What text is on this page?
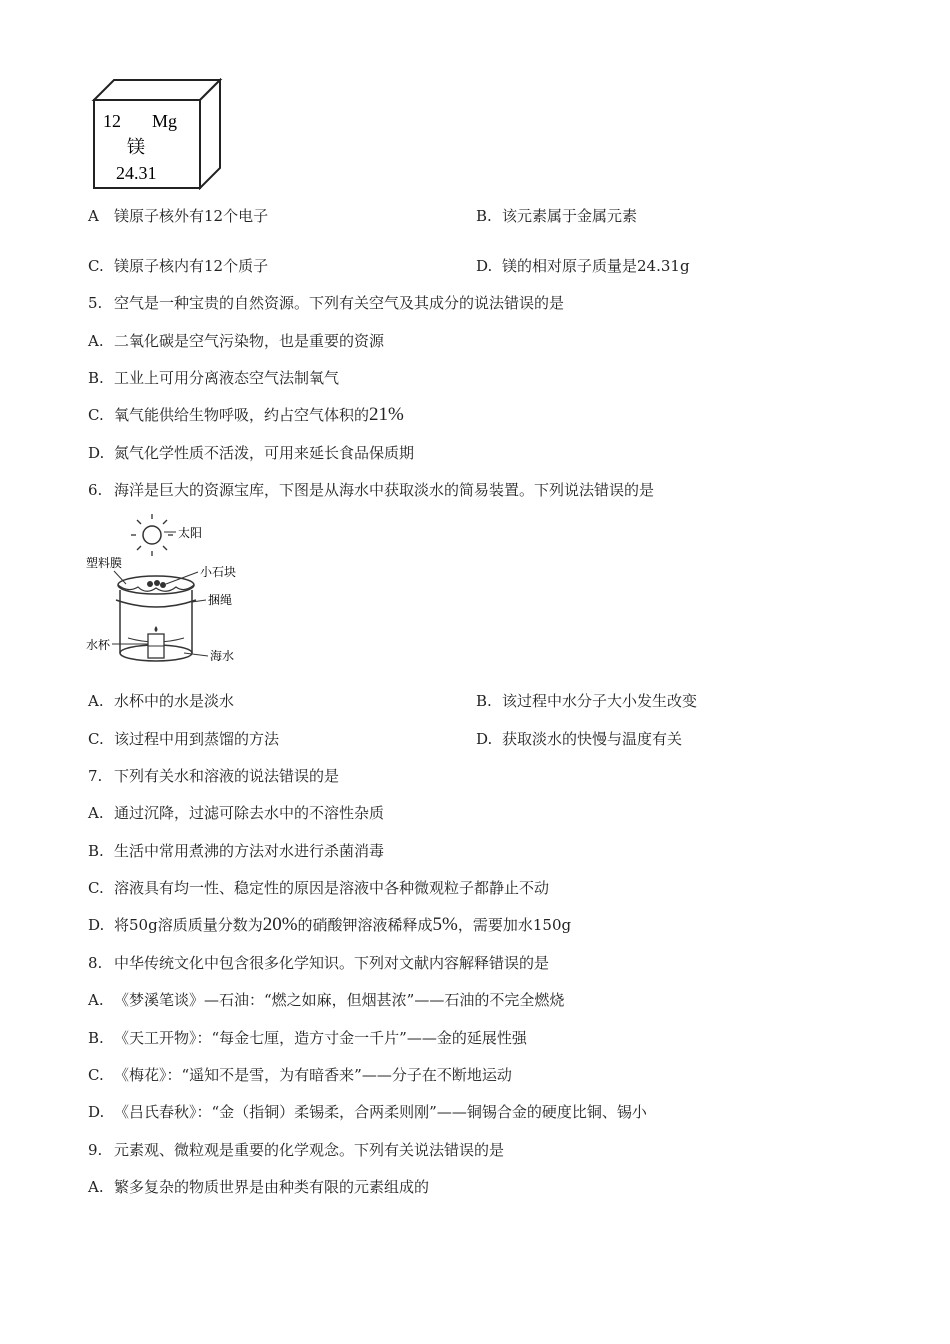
12 Mg
镁
24.31
A 镁原子核外有12个电子	B. 该元素属于金属元素
C. 镁原子核内有12个质子	D. 镁的相对原子质量是24.31g
5. 空气是一种宝贵的自然资源。下列有关空气及其成分的说法错误的是
A. 二氧化碳是空气污染物，也是重要的资源
B. 工业上可用分离液态空气法制氧气
C. 氧气能供给生物呼吸，约占空气体积的21%
D. 氮气化学性质不活泼，可用来延长食品保质期
6. 海洋是巨大的资源宝库，下图是从海水中获取淡水的简易装置。下列说法错误的是
太阳
塑料膜
小石块
捆绳
水杯
海水
A. 水杯中的水是淡水	B. 该过程中水分子大小发生改变
C. 该过程中用到蒸馏的方法	D. 获取淡水的快慢与温度有关
7. 下列有关水和溶液的说法错误的是
A. 通过沉降，过滤可除去水中的不溶性杂质
B. 生活中常用煮沸的方法对水进行杀菌消毒
C. 溶液具有均一性、稳定性的原因是溶液中各种微观粒子都静止不动
D. 将50g溶质质量分数为20%的硝酸钾溶液稀释成5%，需要加水150g
8. 中华传统文化中包含很多化学知识。下列对文献内容解释错误的是
A. 《梦溪笔谈》—石油：“燃之如麻，但烟甚浓”——石油的不完全燃烧
B. 《天工开物》：“每金七厘，造方寸金一千片”——金的延展性强
C. 《梅花》：“遥知不是雪，为有暗香来”——分子在不断地运动
D. 《吕氏春秋》：“金（指铜）柔锡柔，合两柔则刚”——铜锡合金的硬度比铜、锡小
9. 元素观、微粒观是重要的化学观念。下列有关说法错误的是
A. 繁多复杂的物质世界是由种类有限的元素组成的
